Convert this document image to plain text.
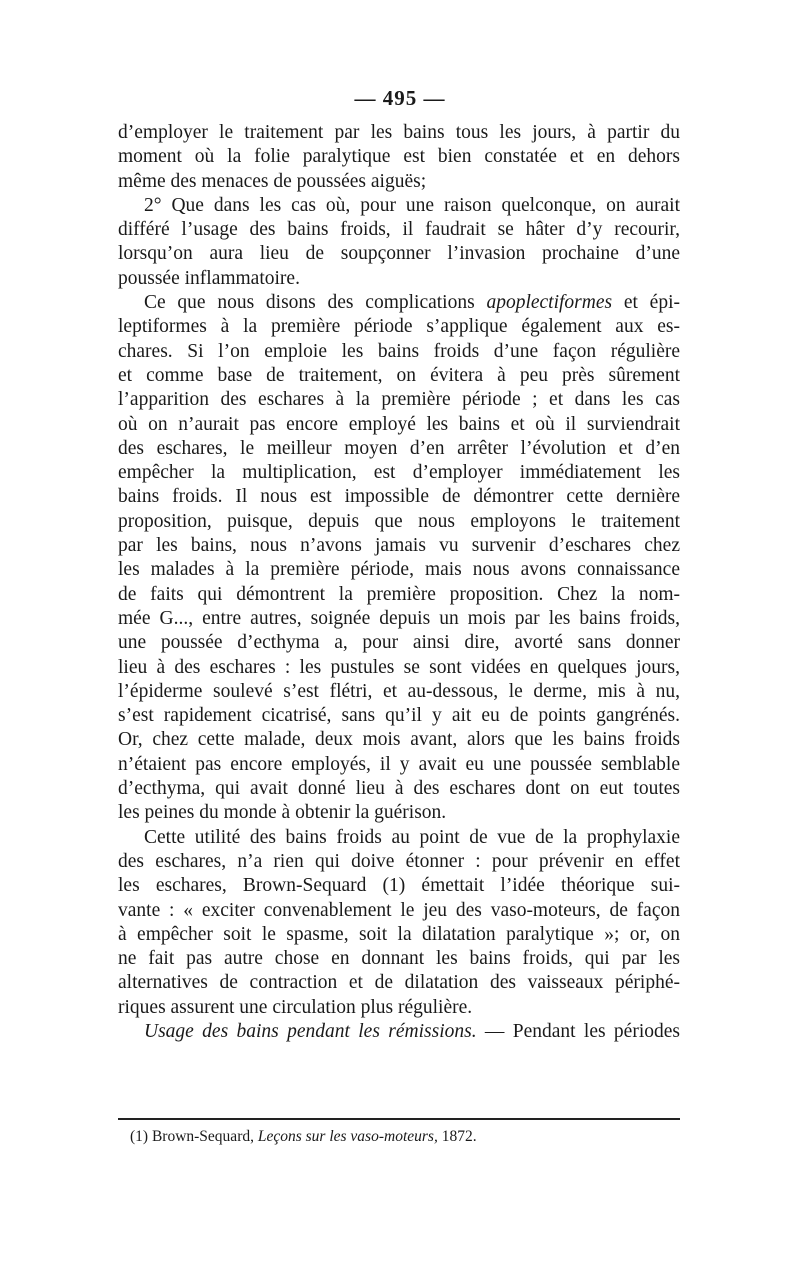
— 495 —
d’employer le traitement par les bains tous les jours, à partir du
moment où la folie paralytique est bien constatée et en dehors
même des menaces de poussées aiguës;
2° Que dans les cas où, pour une raison quelconque, on aurait
différé l’usage des bains froids, il faudrait se hâter d’y recourir,
lorsqu’on aura lieu de soupçonner l’invasion prochaine d’une
poussée inflammatoire.
Ce que nous disons des complications apoplectiformes et épi-
leptiformes à la première période s’applique également aux es-
chares. Si l’on emploie les bains froids d’une façon régulière
et comme base de traitement, on évitera à peu près sûrement
l’apparition des eschares à la première période ; et dans les cas
où on n’aurait pas encore employé les bains et où il surviendrait
des eschares, le meilleur moyen d’en arrêter l’évolution et d’en
empêcher la multiplication, est d’employer immédiatement les
bains froids. Il nous est impossible de démontrer cette dernière
proposition, puisque, depuis que nous employons le traitement
par les bains, nous n’avons jamais vu survenir d’eschares chez
les malades à la première période, mais nous avons connaissance
de faits qui démontrent la première proposition. Chez la nom-
mée G..., entre autres, soignée depuis un mois par les bains froids,
une poussée d’ecthyma a, pour ainsi dire, avorté sans donner
lieu à des eschares : les pustules se sont vidées en quelques jours,
l’épiderme soulevé s’est flétri, et au-dessous, le derme, mis à nu,
s’est rapidement cicatrisé, sans qu’il y ait eu de points gangrénés.
Or, chez cette malade, deux mois avant, alors que les bains froids
n’étaient pas encore employés, il y avait eu une poussée semblable
d’ecthyma, qui avait donné lieu à des eschares dont on eut toutes
les peines du monde à obtenir la guérison.
Cette utilité des bains froids au point de vue de la prophylaxie
des eschares, n’a rien qui doive étonner : pour prévenir en effet
les eschares, Brown-Sequard (1) émettait l’idée théorique sui-
vante : « exciter convenablement le jeu des vaso-moteurs, de façon
à empêcher soit le spasme, soit la dilatation paralytique »; or, on
ne fait pas autre chose en donnant les bains froids, qui par les
alternatives de contraction et de dilatation des vaisseaux périphé-
riques assurent une circulation plus régulière.
Usage des bains pendant les rémissions. — Pendant les périodes
(1) Brown-Sequard, Leçons sur les vaso-moteurs, 1872.
